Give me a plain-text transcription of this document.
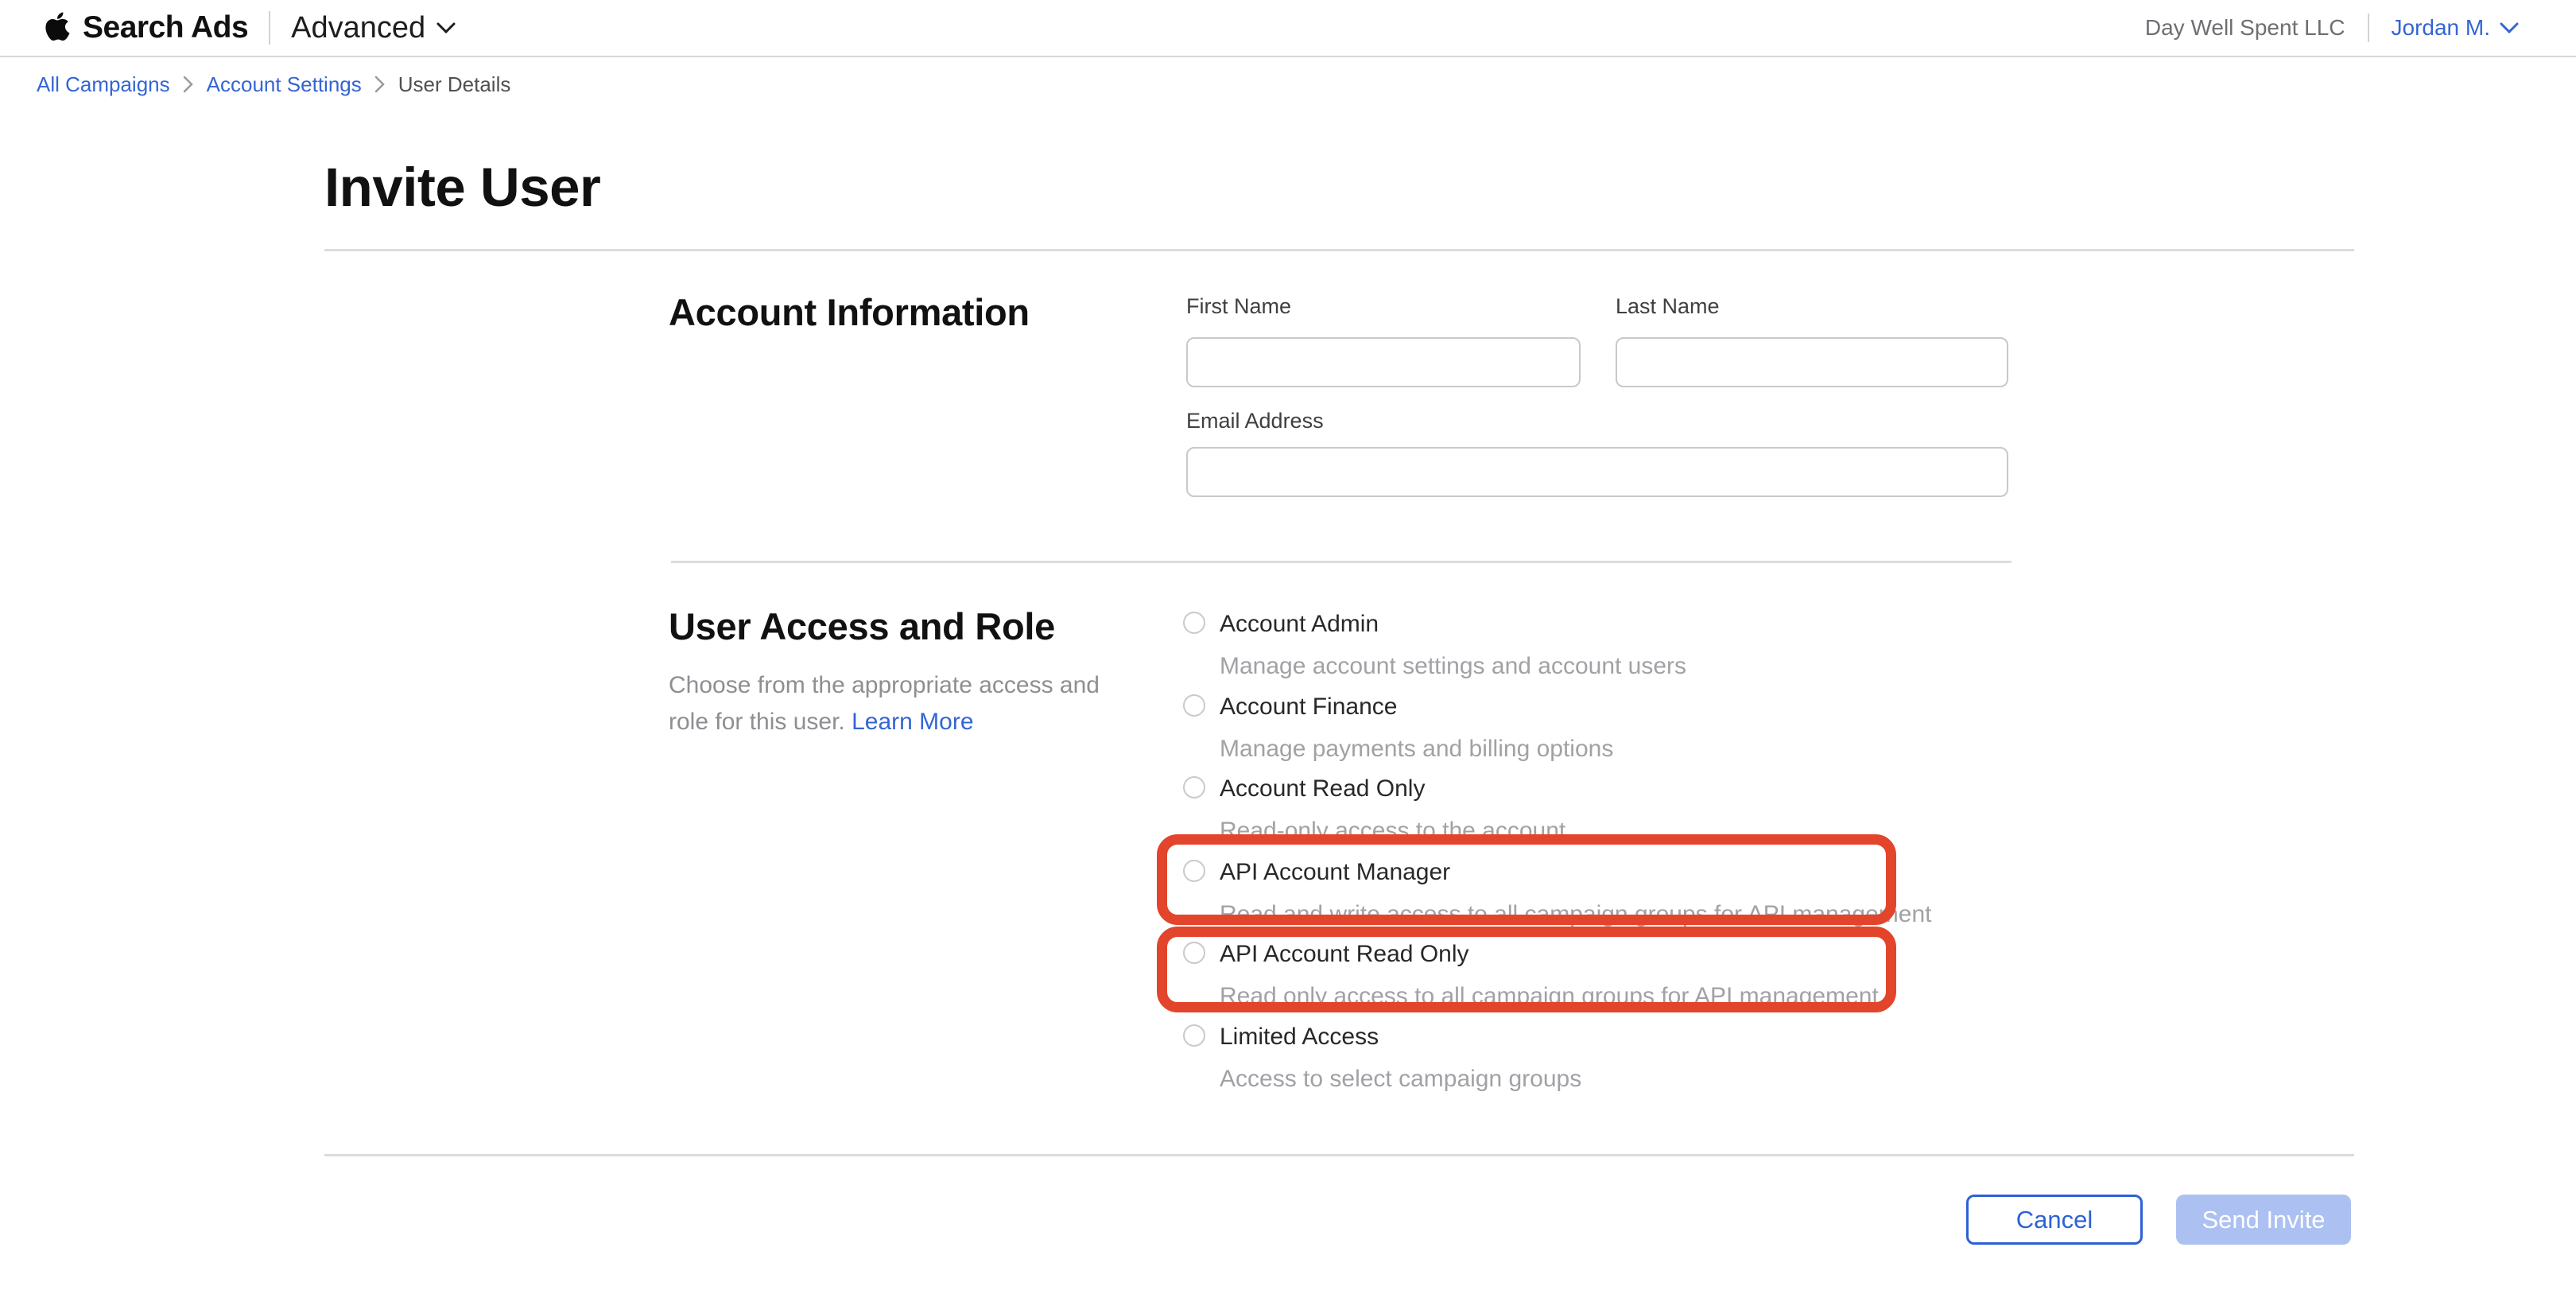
Search Ads Advanced	Day Well Spent LLC Jordan M.
All Campaigns Account Settings User Details
Invite User
Account Information	First Name	Last Name
Email Address
User Access and Role

Choose from the appropriate access and role for this user. Learn More

Account Admin
Manage account settings and account users
Account Finance
Manage payments and billing options
Account Read Only
Read-only access to the account
API Account Manager
Read and write access to all campaign groups for API management
API Account Read Only
Read only access to all campaign groups for API management
Limited Access
Access to select campaign groups
Cancel	Send Invite
